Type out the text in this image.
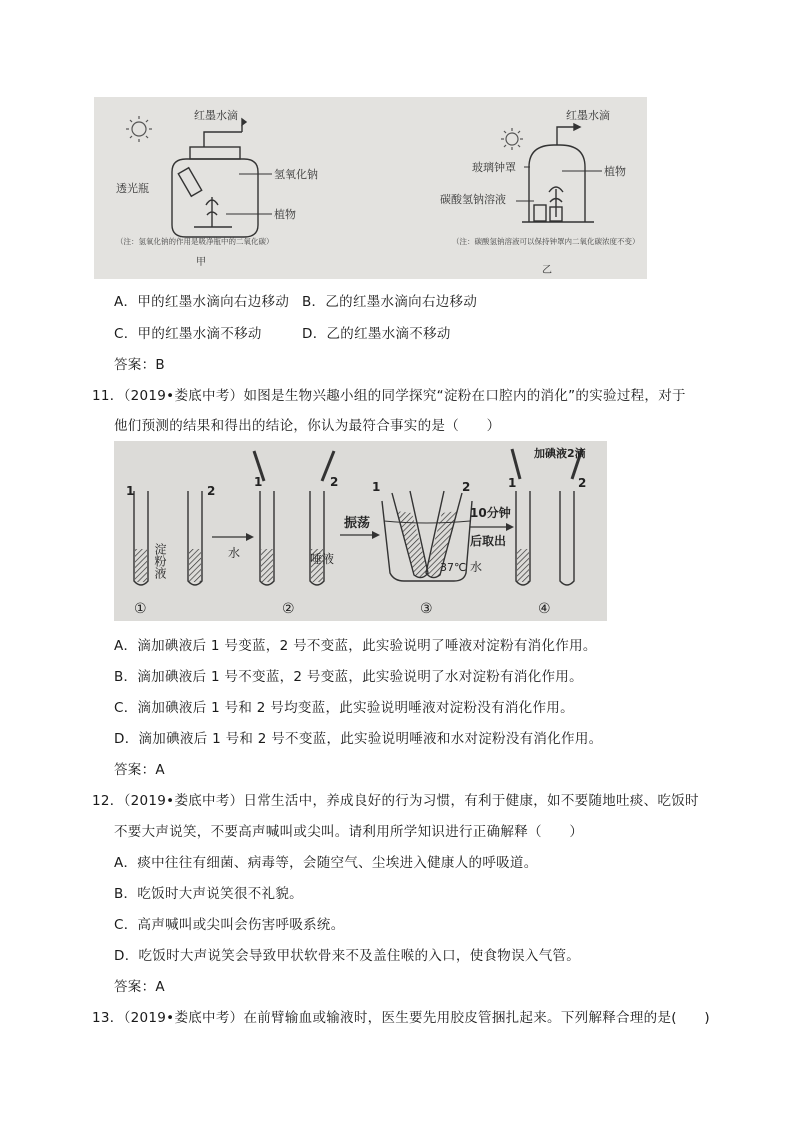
红墨水滴
氢氧化钠
透光瓶
植物
（注：氢氧化钠的作用是吸净瓶中的二氧化碳）
甲
红墨水滴
玻璃钟罩	植物
碳酸氢钠溶液
（注：碳酸氢钠溶液可以保持钟罩内二氧化碳浓度不变）
乙
A．甲的红墨水滴向右边移动 B．乙的红墨水滴向右边移动
C．甲的红墨水滴不移动	D．乙的红墨水滴不移动
答案：B
11．（2019•娄底中考）如图是生物兴趣小组的同学探究“淀粉在口腔内的消化”的实验过程，对于
他们预测的结果和得出的结论，你认为最符合事实的是（　　）
1	2
淀粉液
1	2
水	唾液
振荡
1	2
37℃ 水
10分钟
后取出
1	2
加碘液2滴
①	②	③	④
A．滴加碘液后 1 号变蓝，2 号不变蓝，此实验说明了唾液对淀粉有消化作用。
B．滴加碘液后 1 号不变蓝，2 号变蓝，此实验说明了水对淀粉有消化作用。
C．滴加碘液后 1 号和 2 号均变蓝，此实验说明唾液对淀粉没有消化作用。
D．滴加碘液后 1 号和 2 号不变蓝，此实验说明唾液和水对淀粉没有消化作用。
答案：A
12．（2019•娄底中考）日常生活中，养成良好的行为习惯，有利于健康，如不要随地吐痰、吃饭时
不要大声说笑，不要高声喊叫或尖叫。请利用所学知识进行正确解释（　　）
A．痰中往往有细菌、病毒等，会随空气、尘埃进入健康人的呼吸道。
B．吃饭时大声说笑很不礼貌。
C．高声喊叫或尖叫会伤害呼吸系统。
D．吃饭时大声说笑会导致甲状软骨来不及盖住喉的入口，使食物误入气管。
答案：A
13．（2019•娄底中考）在前臂输血或输液时，医生要先用胶皮管捆扎起来。下列解释合理的是(　　)
